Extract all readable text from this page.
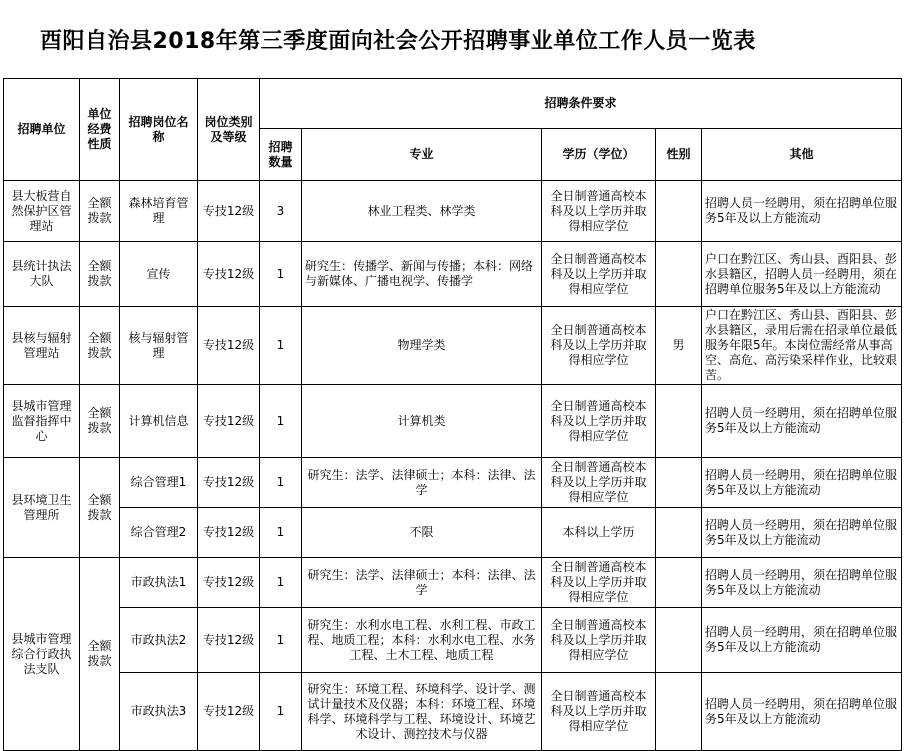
酉阳自治县2018年第三季度面向社会公开招聘事业单位工作人员一览表
招聘单位	单位经费性质	招聘岗位名称	岗位类别及等级	招聘条件要求				
				招聘数量	专业	学历（学位）	性别	其他
县大板营自然保护区管理站	全额拨款	森林培育管理	专技12级	3	林业工程类、林学类	全日制普通高校本科及以上学历并取得相应学位		招聘人员一经聘用，须在招聘单位服务5年及以上方能流动
县统计执法大队	全额拨款	宣传	专技12级	1	研究生：传播学、新闻与传播；本科：网络与新媒体、广播电视学、传播学	全日制普通高校本科及以上学历并取得相应学位		户口在黔江区、秀山县、酉阳县、彭水县籍区，招聘人员一经聘用，须在招聘单位服务5年及以上方能流动
县核与辐射管理站	全额拨款	核与辐射管理	专技12级	1	物理学类	全日制普通高校本科及以上学历并取得相应学位	男	户口在黔江区、秀山县、酉阳县、彭水县籍区，录用后需在招录单位最低服务年限5年。本岗位需经常从事高空、高危、高污染采样作业，比较艰苦。
县城市管理监督指挥中心	全额拨款	计算机信息	专技12级	1	计算机类	全日制普通高校本科及以上学历并取得相应学位		招聘人员一经聘用，须在招聘单位服务5年及以上方能流动
县环境卫生管理所	全额拨款	综合管理1	专技12级	1	研究生：法学、法律硕士；本科：法律、法学	全日制普通高校本科及以上学历并取得相应学位		招聘人员一经聘用，须在招聘单位服务5年及以上方能流动
		综合管理2	专技12级	1	不限	本科以上学历		招聘人员一经聘用，须在招聘单位服务5年及以上方能流动
县城市管理综合行政执法支队	全额拨款	市政执法1	专技12级	1	研究生：法学、法律硕士；本科：法律、法学	全日制普通高校本科及以上学历并取得相应学位		招聘人员一经聘用，须在招聘单位服务5年及以上方能流动
		市政执法2	专技12级	1	研究生：水利水电工程、水利工程、市政工程、地质工程；本科：水利水电工程、水务工程、土木工程、地质工程	全日制普通高校本科及以上学历并取得相应学位		招聘人员一经聘用，须在招聘单位服务5年及以上方能流动
		市政执法3	专技12级	1	研究生：环境工程、环境科学、设计学、测试计量技术及仪器；本科：环境工程、环境科学、环境科学与工程、环境设计、环境艺术设计、测控技术与仪器	全日制普通高校本科及以上学历并取得相应学位		招聘人员一经聘用，须在招聘单位服务5年及以上方能流动
